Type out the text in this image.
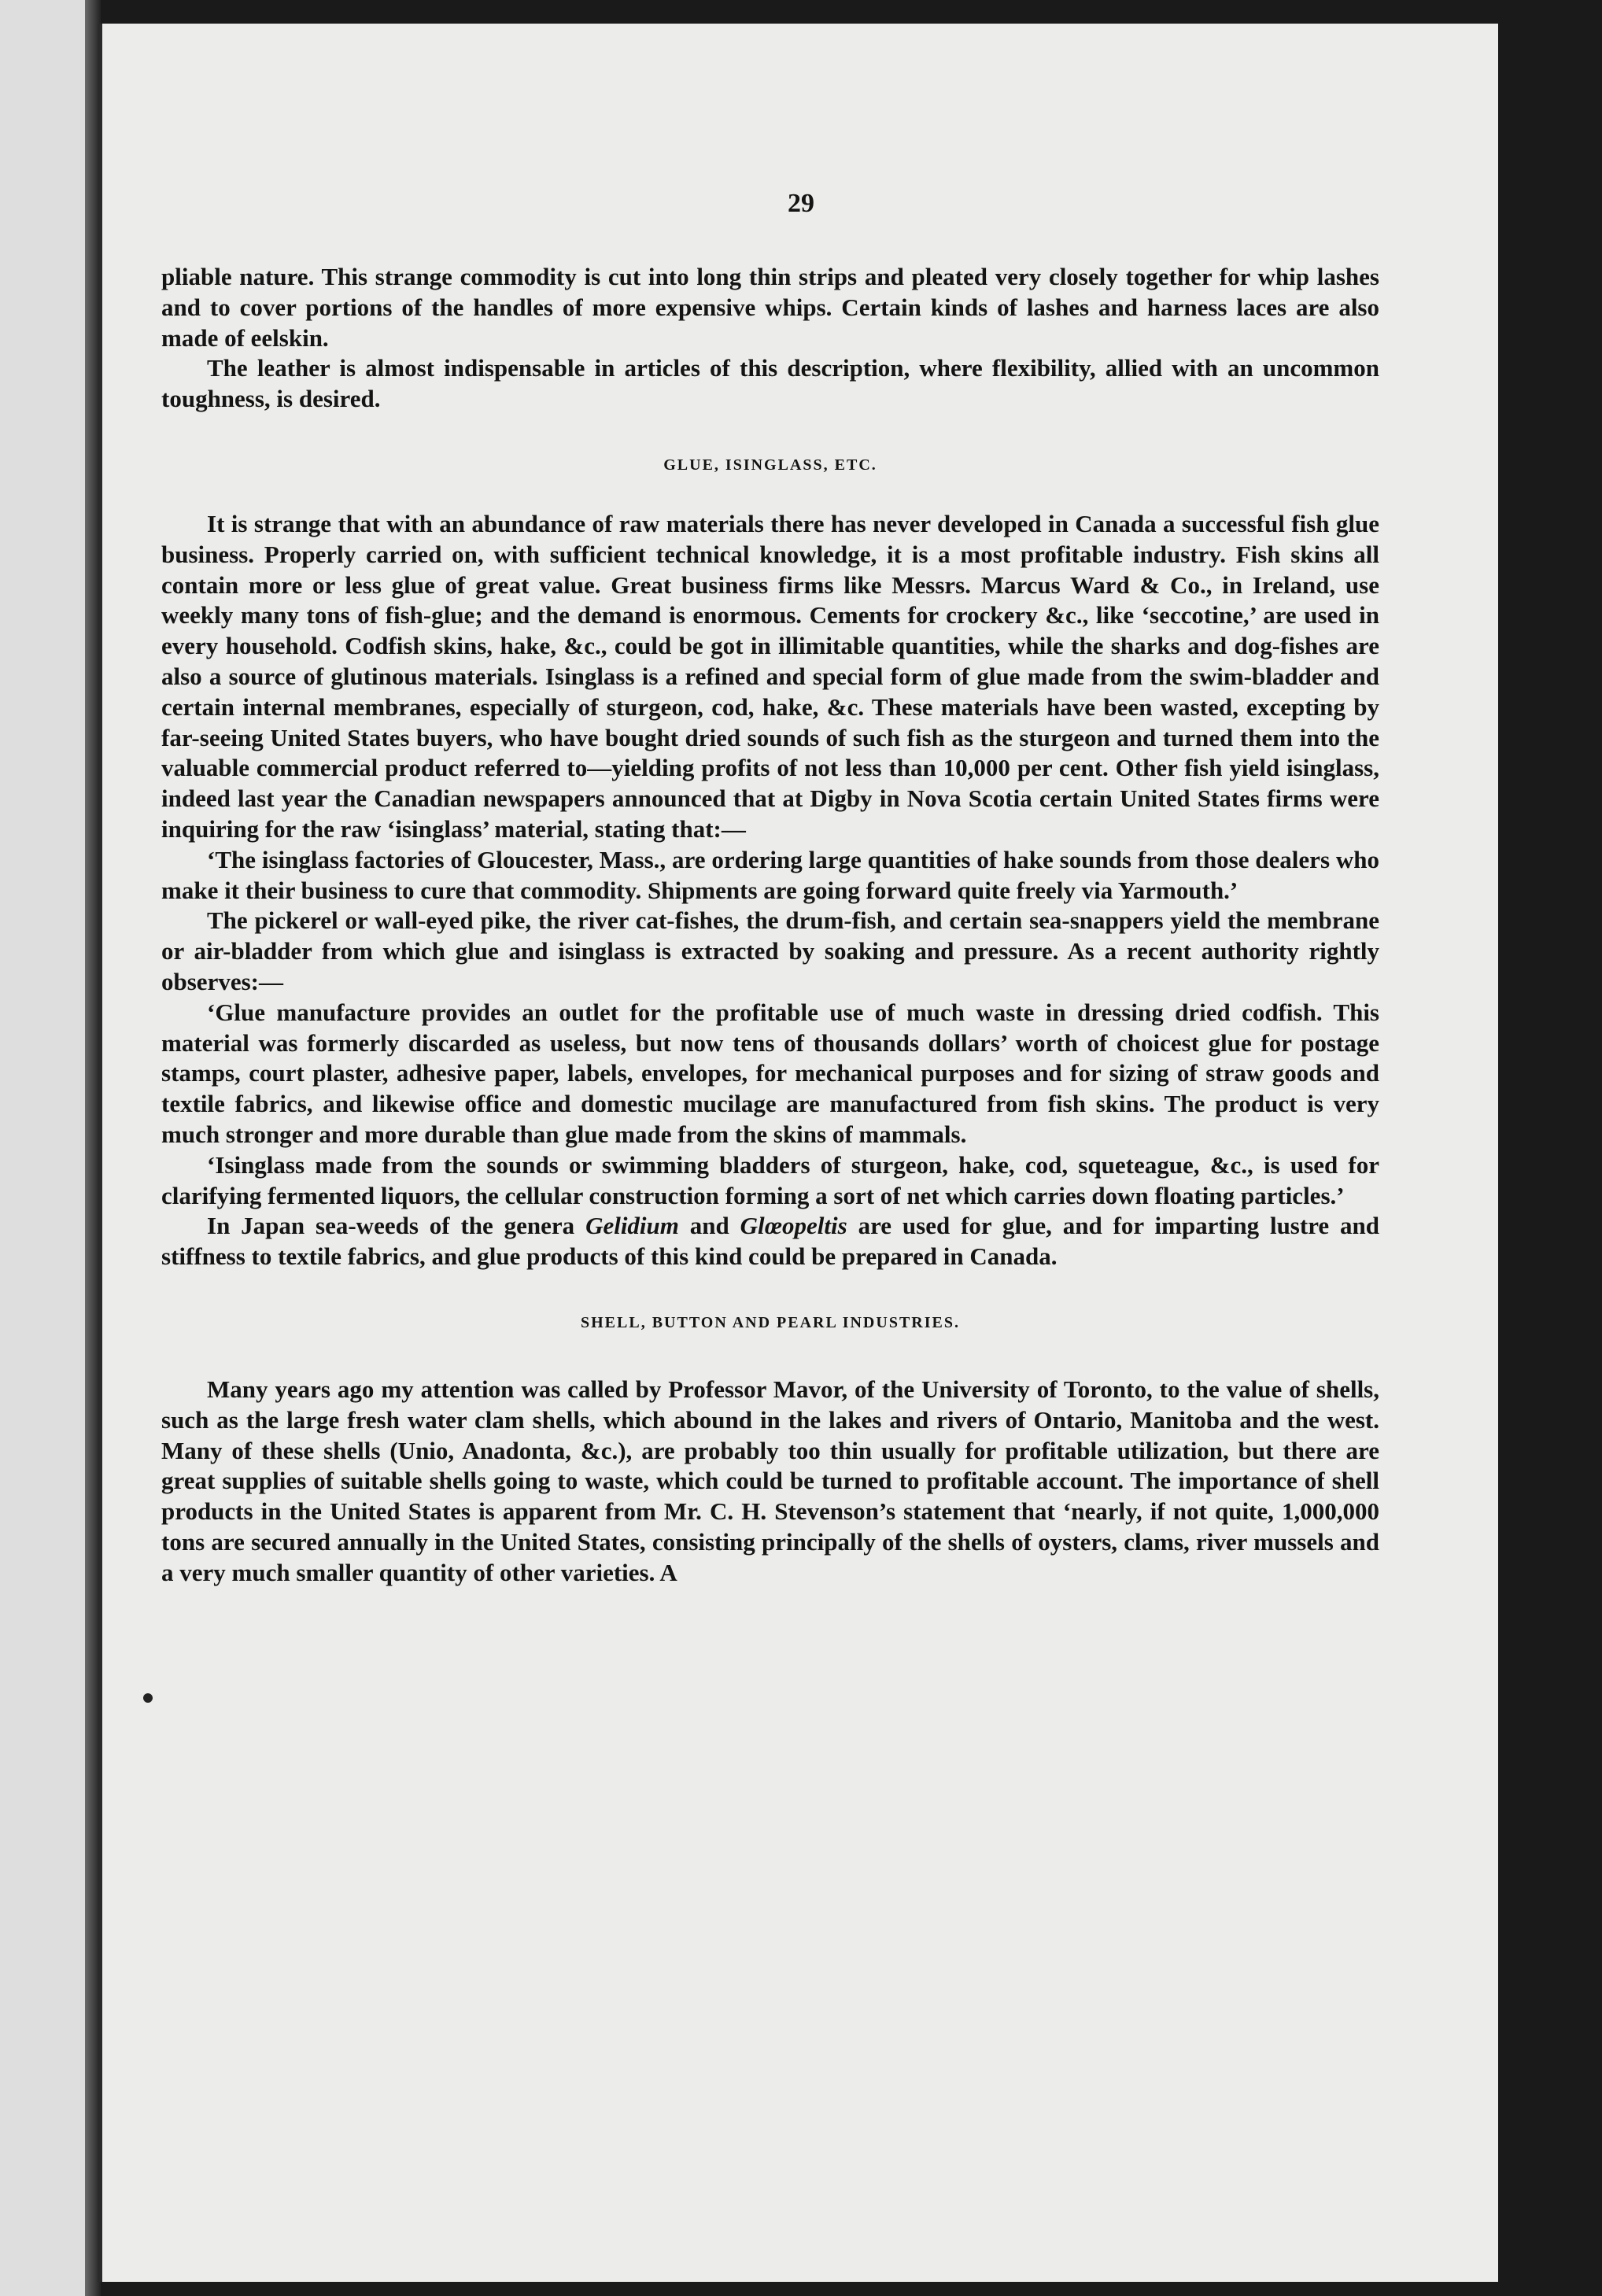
29

pliable nature. This strange commodity is cut into long thin strips and pleated very closely together for whip lashes and to cover portions of the handles of more expensive whips. Certain kinds of lashes and harness laces are also made of eelskin.

The leather is almost indispensable in articles of this description, where flexibility, allied with an uncommon toughness, is desired.

GLUE, ISINGLASS, ETC.

It is strange that with an abundance of raw materials there has never developed in Canada a successful fish glue business. Properly carried on, with sufficient technical knowledge, it is a most profitable industry. Fish skins all contain more or less glue of great value. Great business firms like Messrs. Marcus Ward & Co., in Ireland, use weekly many tons of fish-glue; and the demand is enormous. Cements for crockery &c., like ‘seccotine,’ are used in every household. Codfish skins, hake, &c., could be got in illimitable quantities, while the sharks and dog-fishes are also a source of glutinous materials. Isinglass is a refined and special form of glue made from the swim-bladder and certain internal membranes, especially of sturgeon, cod, hake, &c. These materials have been wasted, excepting by far-seeing United States buyers, who have bought dried sounds of such fish as the sturgeon and turned them into the valuable commercial product referred to—yielding profits of not less than 10,000 per cent. Other fish yield isinglass, indeed last year the Canadian newspapers announced that at Digby in Nova Scotia certain United States firms were inquiring for the raw ‘isinglass’ material, stating that:—

‘The isinglass factories of Gloucester, Mass., are ordering large quantities of hake sounds from those dealers who make it their business to cure that commodity. Shipments are going forward quite freely via Yarmouth.’

The pickerel or wall-eyed pike, the river cat-fishes, the drum-fish, and certain sea-snappers yield the membrane or air-bladder from which glue and isinglass is extracted by soaking and pressure. As a recent authority rightly observes:—

‘Glue manufacture provides an outlet for the profitable use of much waste in dressing dried codfish. This material was formerly discarded as useless, but now tens of thousands dollars’ worth of choicest glue for postage stamps, court plaster, adhesive paper, labels, envelopes, for mechanical purposes and for sizing of straw goods and textile fabrics, and likewise office and domestic mucilage are manufactured from fish skins. The product is very much stronger and more durable than glue made from the skins of mammals.

‘Isinglass made from the sounds or swimming bladders of sturgeon, hake, cod, squeteague, &c., is used for clarifying fermented liquors, the cellular construction forming a sort of net which carries down floating particles.’

In Japan sea-weeds of the genera Gelidium and Glœopeltis are used for glue, and for imparting lustre and stiffness to textile fabrics, and glue products of this kind could be prepared in Canada.

SHELL, BUTTON AND PEARL INDUSTRIES.

Many years ago my attention was called by Professor Mavor, of the University of Toronto, to the value of shells, such as the large fresh water clam shells, which abound in the lakes and rivers of Ontario, Manitoba and the west. Many of these shells (Unio, Anadonta, &c.), are probably too thin usually for profitable utilization, but there are great supplies of suitable shells going to waste, which could be turned to profitable account. The importance of shell products in the United States is apparent from Mr. C. H. Stevenson’s statement that ‘nearly, if not quite, 1,000,000 tons are secured annually in the United States, consisting principally of the shells of oysters, clams, river mussels and a very much smaller quantity of other varieties. A
